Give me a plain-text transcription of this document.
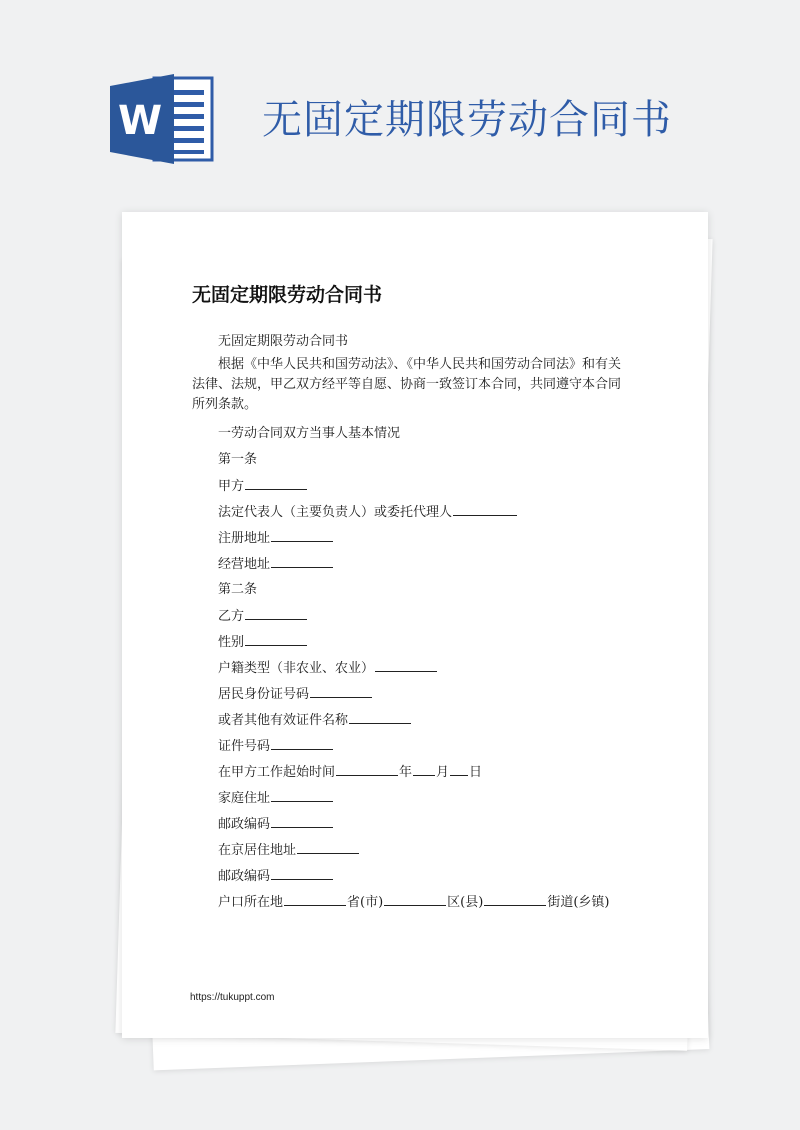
W 无固定期限劳动合同书
无固定期限劳动合同书

无固定期限劳动合同书

根据《中华人民共和国劳动法》、《中华人民共和国劳动合同法》和有关法律、法规，甲乙双方经平等自愿、协商一致签订本合同，共同遵守本合同所列条款。

一劳动合同双方当事人基本情况

第一条

甲方

法定代表人（主要负责人）或委托代理人

注册地址

经营地址

第二条

乙方

性别

户籍类型（非农业、农业）

居民身份证号码

或者其他有效证件名称

证件号码

在甲方工作起始时间	年 月 日

家庭住址

邮政编码

在京居住地址

邮政编码

户口所在地	省(市)	区(县)	街道(乡镇)

https://tukuppt.com
